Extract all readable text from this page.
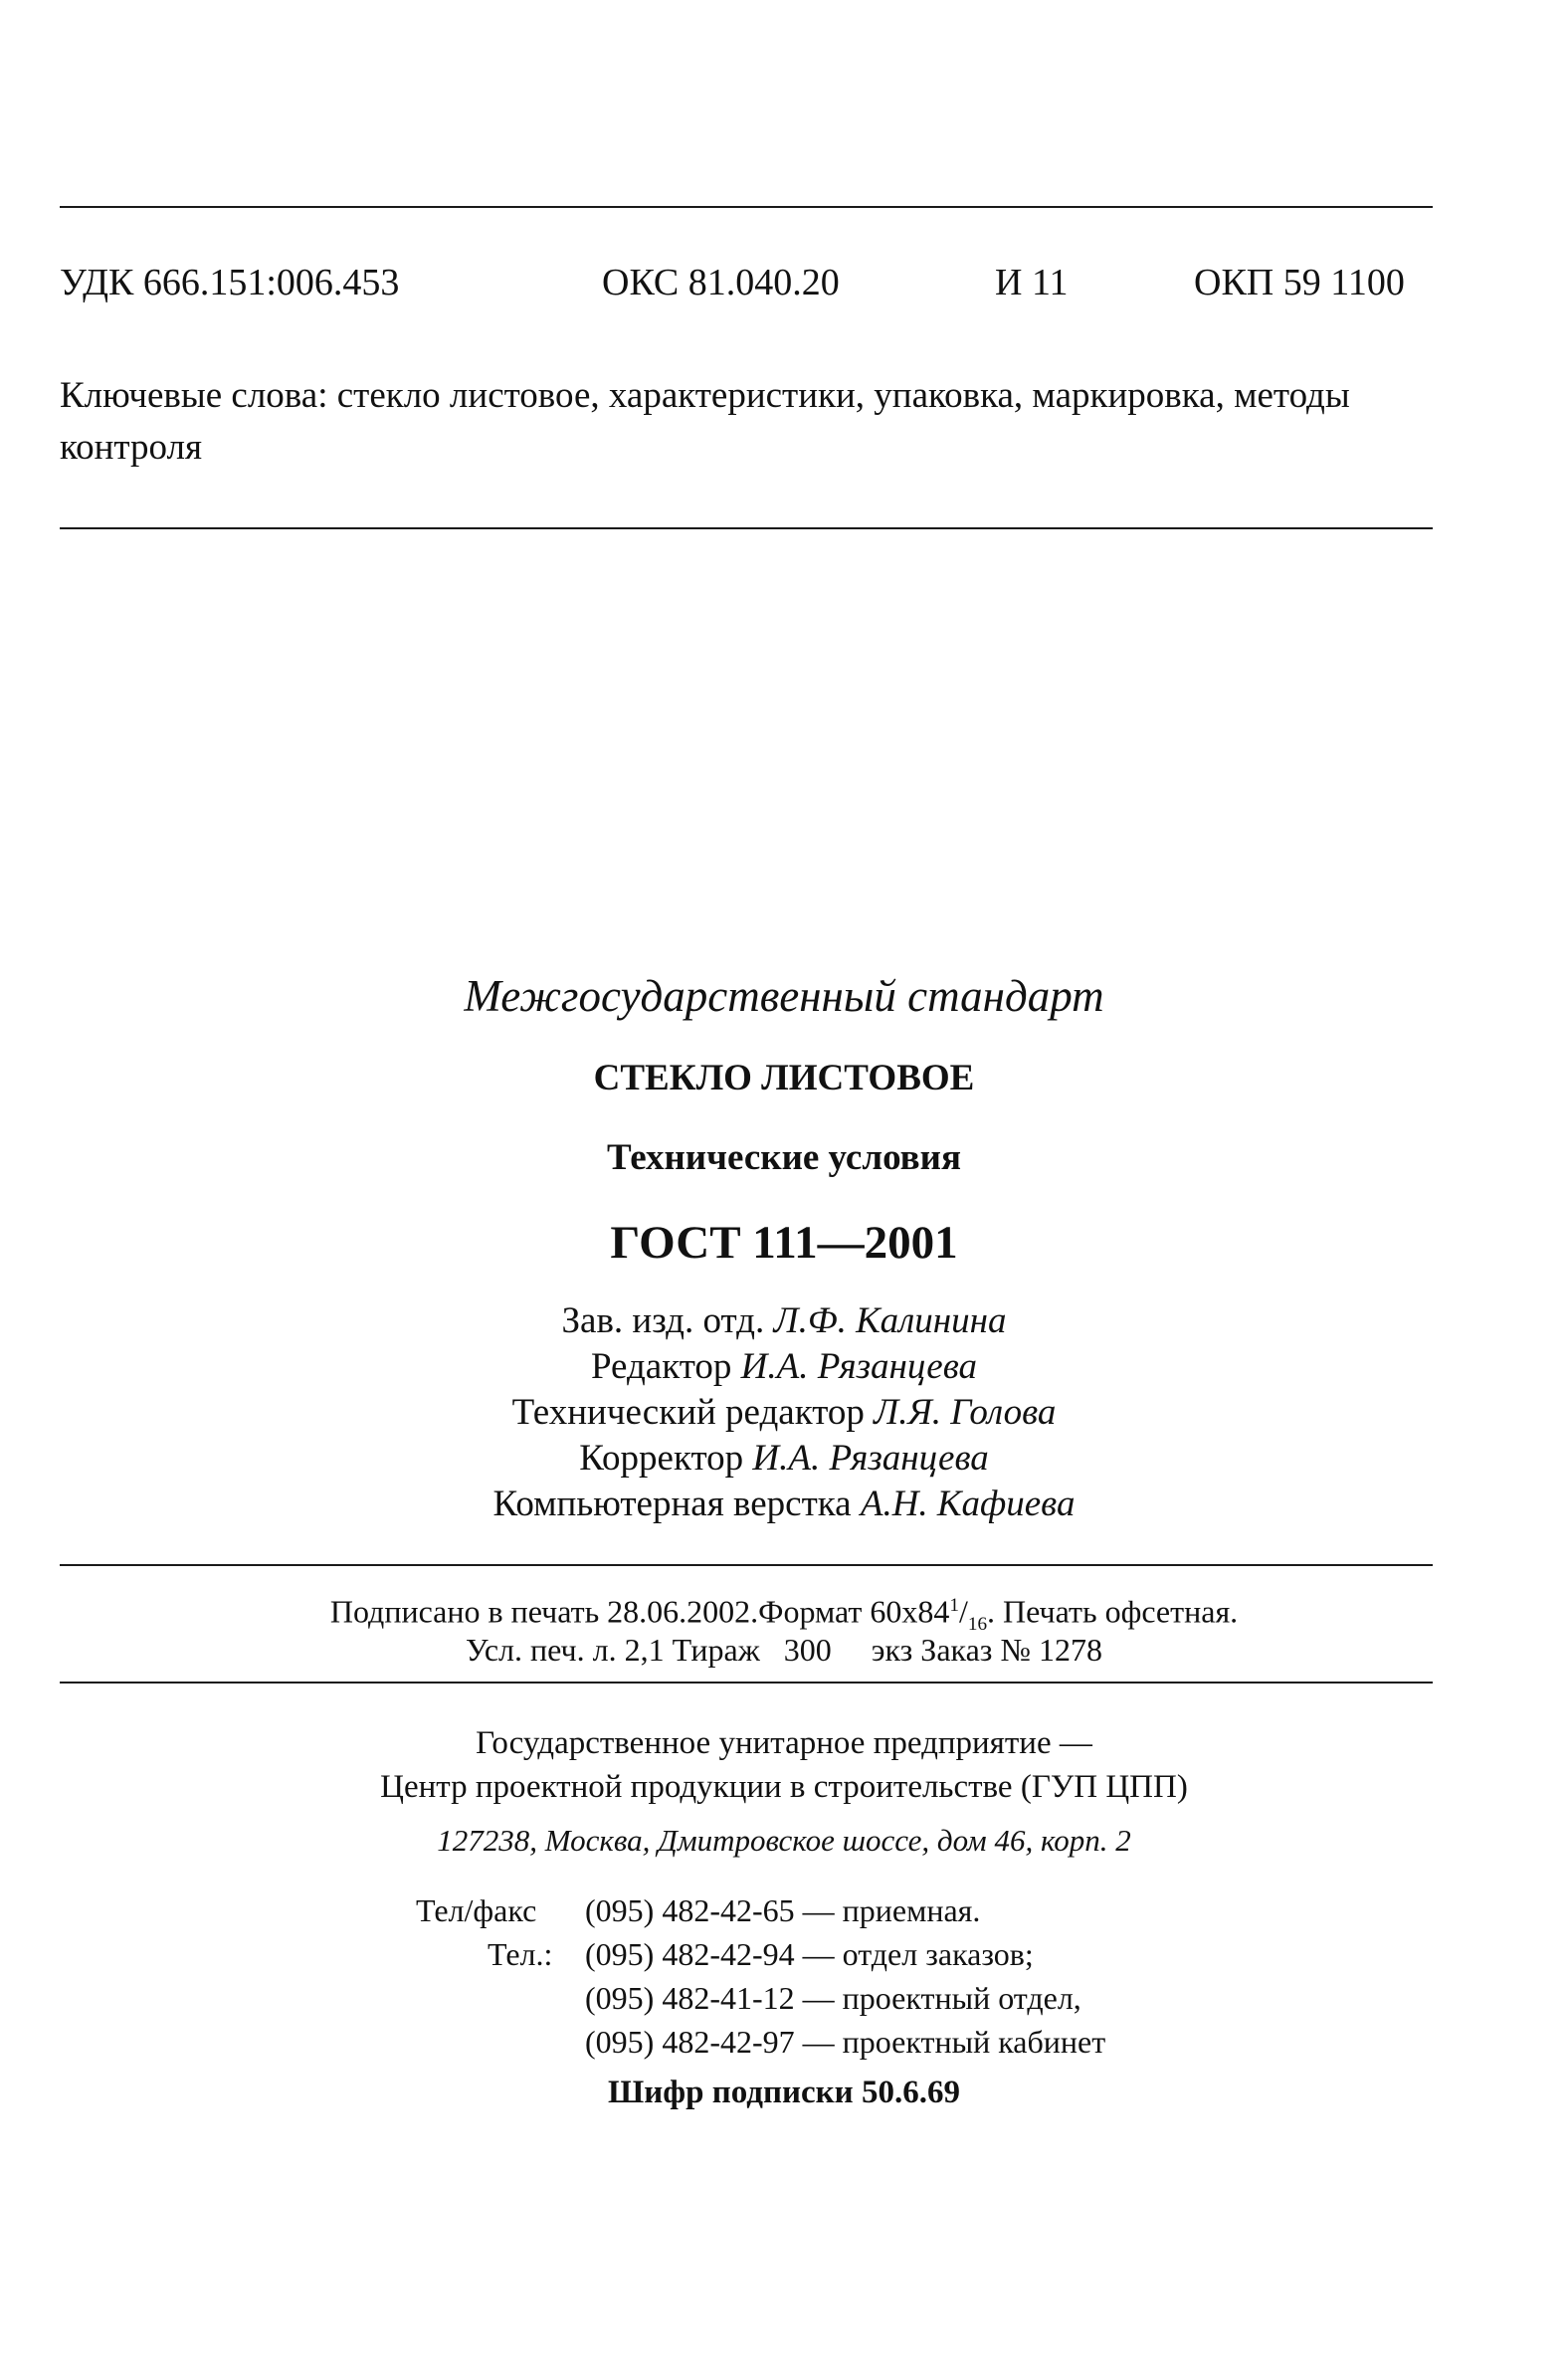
УДК 666.151:006.453	ОКС 81.040.20	И 11	ОКП 59 1100
Ключевые слова: стекло листовое, характеристики, упаковка, маркировка, методы контроля
Межгосударственный стандарт
СТЕКЛО ЛИСТОВОЕ
Технические условия
ГОСТ 111—2001
Зав. изд. отд. Л.Ф. Калинина
Редактор И.А. Рязанцева
Технический редактор Л.Я. Голова
Корректор И.А. Рязанцева
Компьютерная верстка А.Н. Кафиева
Подписано в печать 28.06.2002.Формат $60х84^1/_{16}$. Печать офсетная.
Усл. печ. л. 2,1 Тираж 300 экз Заказ № 1278
Государственное унитарное предприятие —
Центр проектной продукции в строительстве (ГУП ЦПП)
127238, Москва, Дмитровское шоссе, дом 46, корп. 2
Тел/факс (095) 482-42-65 — приемная.
Тел.: (095) 482-42-94 — отдел заказов;
(095) 482-41-12 — проектный отдел,
(095) 482-42-97 — проектный кабинет
Шифр подписки 50.6.69
